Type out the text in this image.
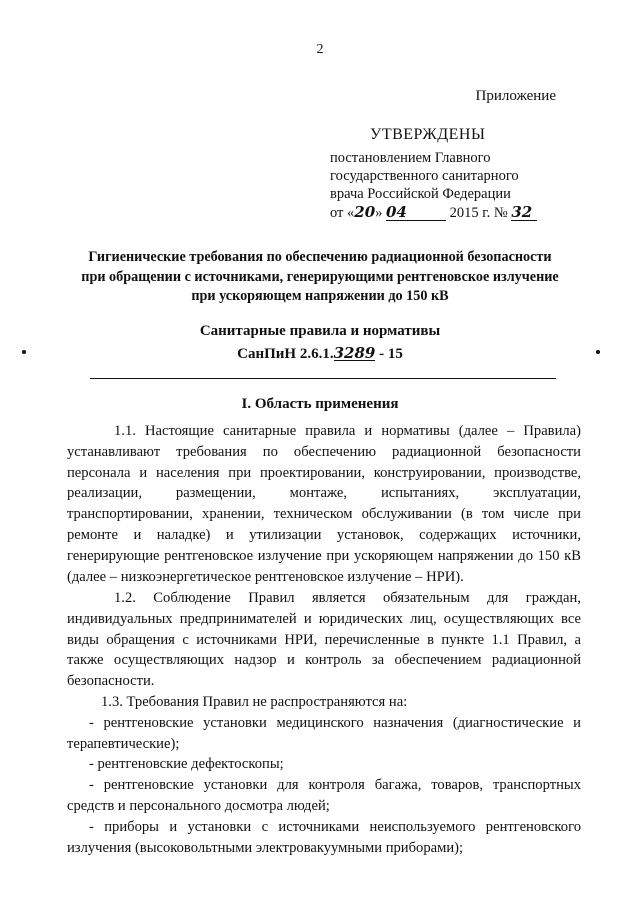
2
Приложение
УТВЕРЖДЕНЫ
постановлением Главного
государственного санитарного
врача Российской Федерации
от «20» 04	2015 г. № 32
Гигиенические требования по обеспечению радиационной безопасности
при обращении с источниками, генерирующими рентгеновское излучение
при ускоряющем напряжении до 150 кВ
Санитарные правила и нормативы
СанПиН 2.6.1.3289 - 15
I. Область применения

1.1. Настоящие санитарные правила и нормативы (далее – Правила) устанавливают требования по обеспечению радиационной безопасности персонала и населения при проектировании, конструировании, производстве, реализации, размещении, монтаже, испытаниях, эксплуатации, транспортировании, хранении, техническом обслуживании (в том числе при ремонте и наладке) и утилизации установок, содержащих источники, генерирующие рентгеновское излучение при ускоряющем напряжении до 150 кВ (далее – низкоэнергетическое рентгеновское излучение – НРИ).

1.2. Соблюдение Правил является обязательным для граждан, индивидуальных предпринимателей и юридических лиц, осуществляющих все виды обращения с источниками НРИ, перечисленные в пункте 1.1 Правил, а также осуществляющих надзор и контроль за обеспечением радиационной безопасности.

1.3. Требования Правил не распространяются на:

- рентгеновские установки медицинского назначения (диагностические и терапевтические);

- рентгеновские дефектоскопы;

- рентгеновские установки для контроля багажа, товаров, транспортных средств и персонального досмотра людей;

- приборы и установки с источниками неиспользуемого рентгеновского излучения (высоковольтными электровакуумными приборами);
